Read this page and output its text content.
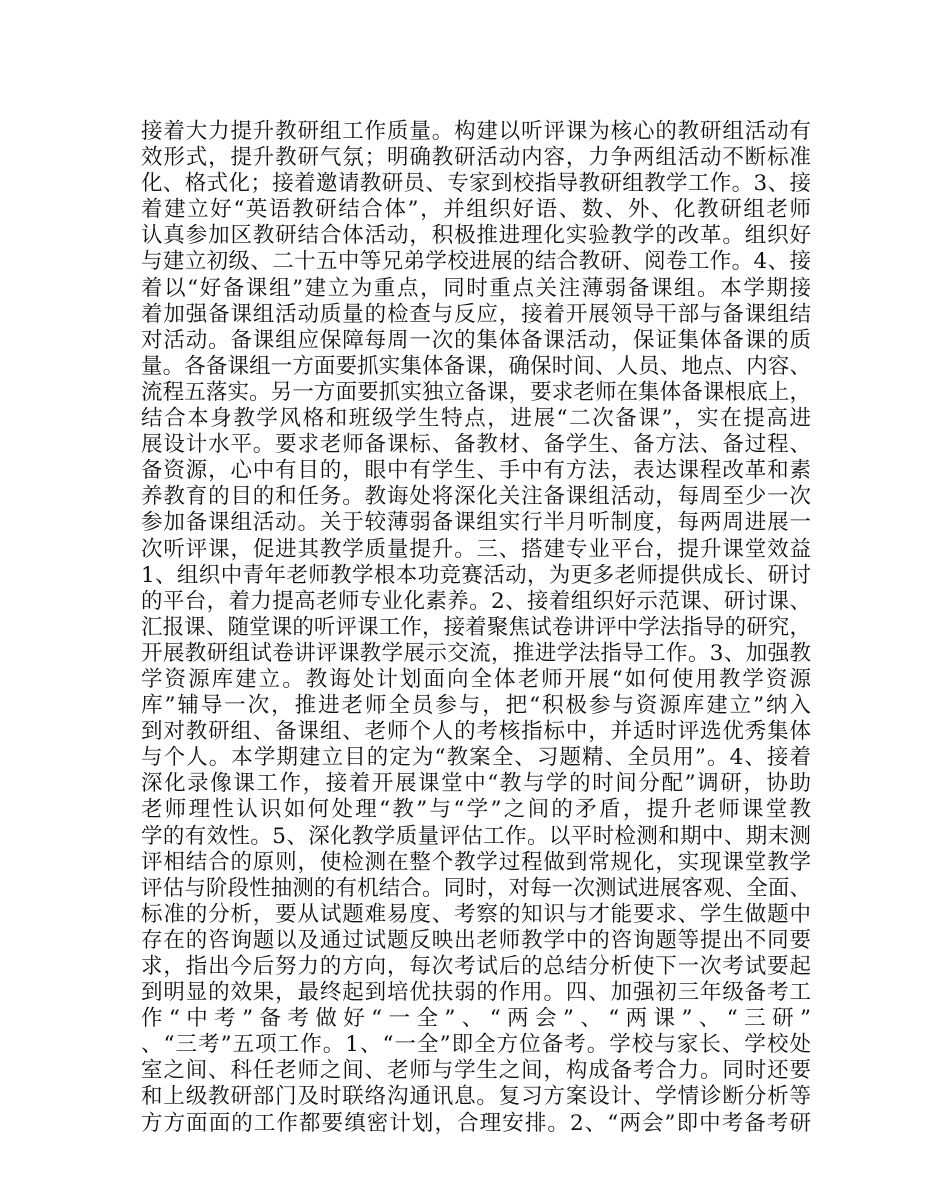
接着大力提升教研组工作质量。构建以听评课为核心的教研组活动有
效形式，提升教研气氛；明确教研活动内容，力争两组活动不断标准
化、格式化；接着邀请教研员、专家到校指导教研组教学工作。3、接
着建立好“英语教研结合体”，并组织好语、数、外、化教研组老师
认真参加区教研结合体活动，积极推进理化实验教学的改革。组织好
与建立初级、二十五中等兄弟学校进展的结合教研、阅卷工作。4、接
着以“好备课组”建立为重点，同时重点关注薄弱备课组。本学期接
着加强备课组活动质量的检查与反应，接着开展领导干部与备课组结
对活动。备课组应保障每周一次的集体备课活动，保证集体备课的质
量。各备课组一方面要抓实集体备课，确保时间、人员、地点、内容、
流程五落实。另一方面要抓实独立备课，要求老师在集体备课根底上，
结合本身教学风格和班级学生特点，进展“二次备课”，实在提高进
展设计水平。要求老师备课标、备教材、备学生、备方法、备过程、
备资源，心中有目的，眼中有学生、手中有方法，表达课程改革和素
养教育的目的和任务。教诲处将深化关注备课组活动，每周至少一次
参加备课组活动。关于较薄弱备课组实行半月听制度，每两周进展一
次听评课，促进其教学质量提升。三、搭建专业平台，提升课堂效益
1、组织中青年老师教学根本功竞赛活动，为更多老师提供成长、研讨
的平台，着力提高老师专业化素养。2、接着组织好示范课、研讨课、
汇报课、随堂课的听评课工作，接着聚焦试卷讲评中学法指导的研究，
开展教研组试卷讲评课教学展示交流，推进学法指导工作。3、加强教
学资源库建立。教诲处计划面向全体老师开展“如何使用教学资源
库”辅导一次，推进老师全员参与，把“积极参与资源库建立”纳入
到对教研组、备课组、老师个人的考核指标中，并适时评选优秀集体
与个人。本学期建立目的定为“教案全、习题精、全员用”。4、接着
深化录像课工作，接着开展课堂中“教与学的时间分配”调研，协助
老师理性认识如何处理“教”与“学”之间的矛盾，提升老师课堂教
学的有效性。5、深化教学质量评估工作。以平时检测和期中、期末测
评相结合的原则，使检测在整个教学过程做到常规化，实现课堂教学
评估与阶段性抽测的有机结合。同时，对每一次测试进展客观、全面、
标准的分析，要从试题难易度、考察的知识与才能要求、学生做题中
存在的咨询题以及通过试题反映出老师教学中的咨询题等提出不同要
求，指出今后努力的方向，每次考试后的总结分析使下一次考试要起
到明显的效果，最终起到培优扶弱的作用。四、加强初三年级备考工
作“中考”备考做好“一全”、“两会”、“两课”、“三研”
、“三考”五项工作。1、“一全”即全方位备考。学校与家长、学校处
室之间、科任老师之间、老师与学生之间，构成备考合力。同时还要
和上级教研部门及时联络沟通讯息。复习方案设计、学情诊断分析等
方方面面的工作都要缜密计划，合理安排。2、“两会”即中考备考研
